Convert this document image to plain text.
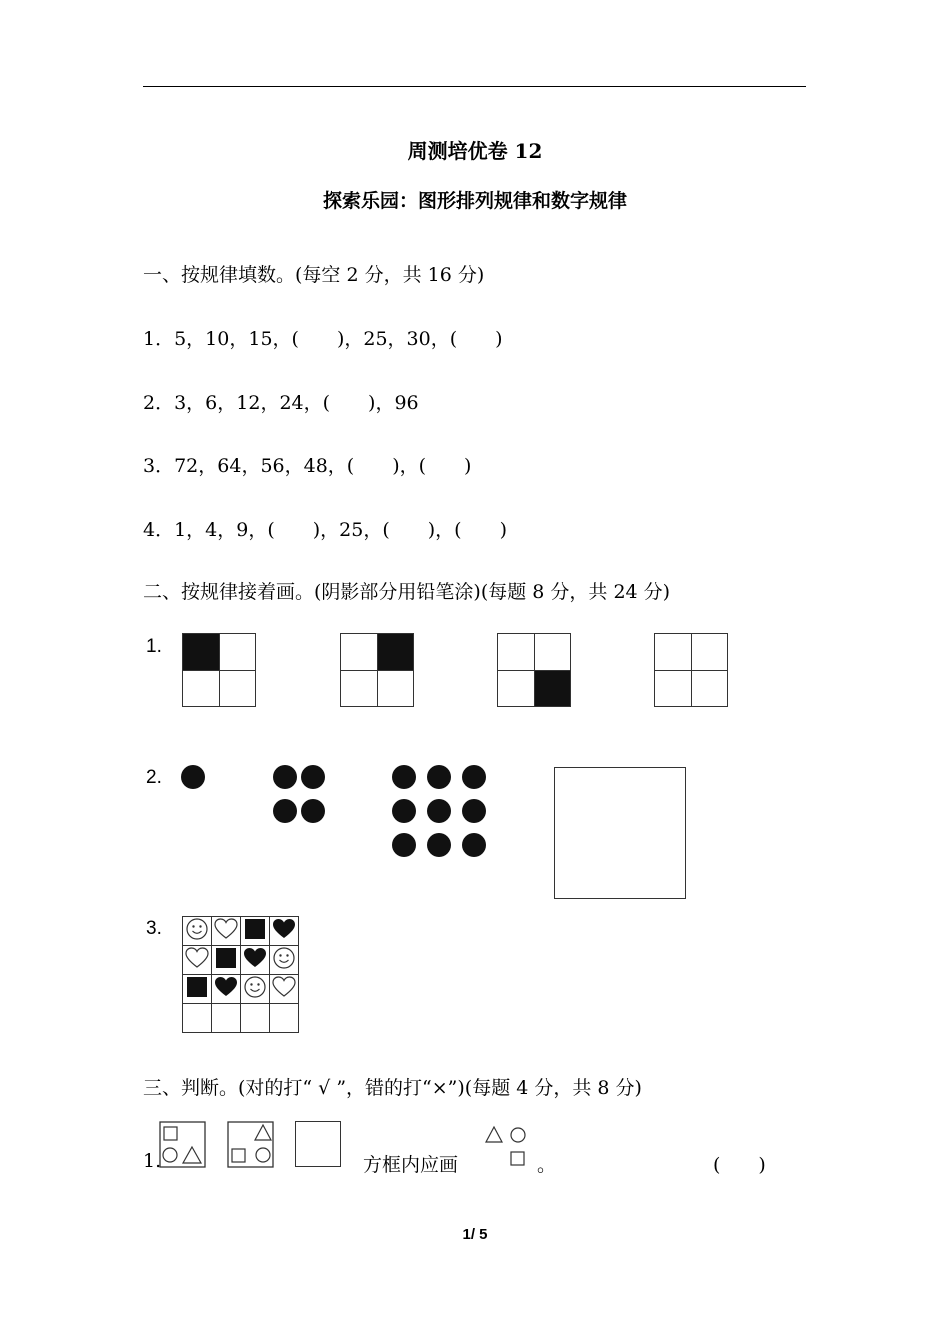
周测培优卷 12
探索乐园：图形排列规律和数字规律
一、按规律填数。(每空 2 分，共 16 分)
1．5，10，15，(　　)，25，30，(　　)
2．3，6，12，24，(　　)，96
3．72，64，56，48，(　　)，(　　)
4．1，4，9，(　　)，25，(　　)，(　　)
二、按规律接着画。(阴影部分用铅笔涂)(每题 8 分，共 24 分)
1.
2.
3.

三、判断。(对的打“ √ ”，错的打“×”)(每题 4 分，共 8 分)
1.	方框内应画	。	(　　)
1/ 5
